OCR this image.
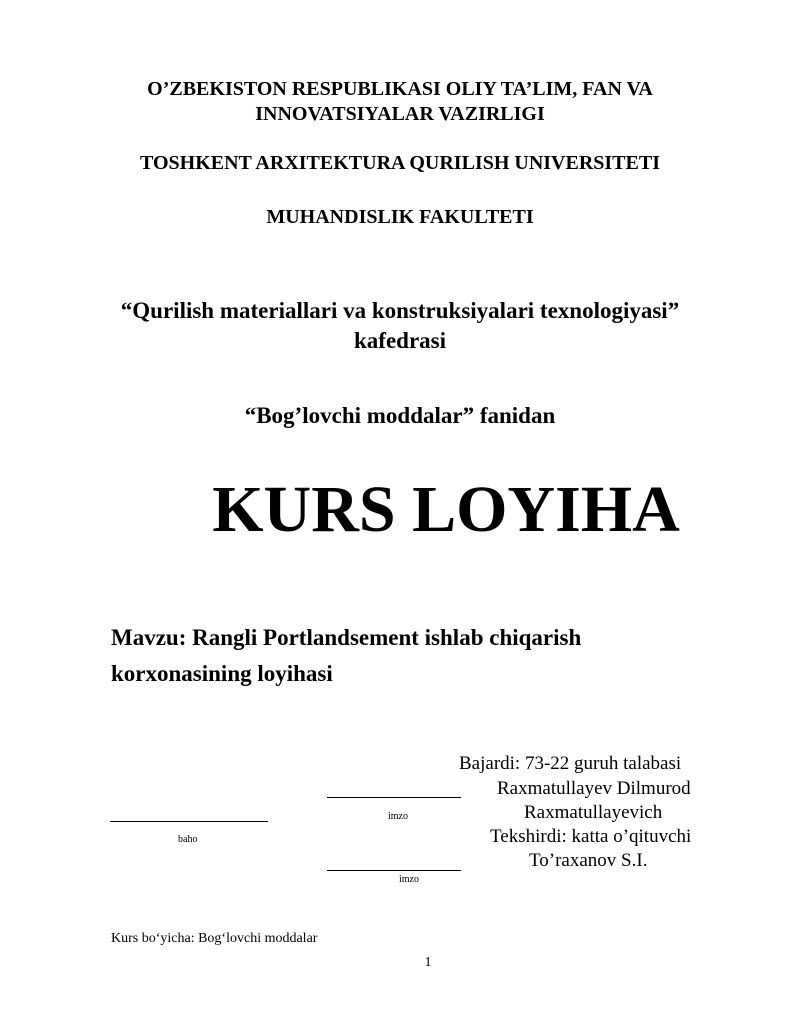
O’ZBEKISTON RESPUBLIKASI OLIY TA’LIM, FAN VA
INNOVATSIYALAR VAZIRLIGI
TOSHKENT ARXITEKTURA QURILISH UNIVERSITETI
MUHANDISLIK FAKULTETI
“Qurilish materiallari va konstruksiyalari texnologiyasi”
kafedrasi
“Bog’lovchi moddalar” fanidan
KURS LOYIHA
Mavzu: Rangli Portlandsement ishlab chiqarish
korxonasining loyihasi
Bajardi: 73-22 guruh talabasi
Raxmatullayev Dilmurod
Raxmatullayevich
Tekshirdi: katta o’qituvchi
To’raxanov S.I.
imzo
baho
imzo
Kurs bo‘yicha: Bog‘lovchi moddalar
1
